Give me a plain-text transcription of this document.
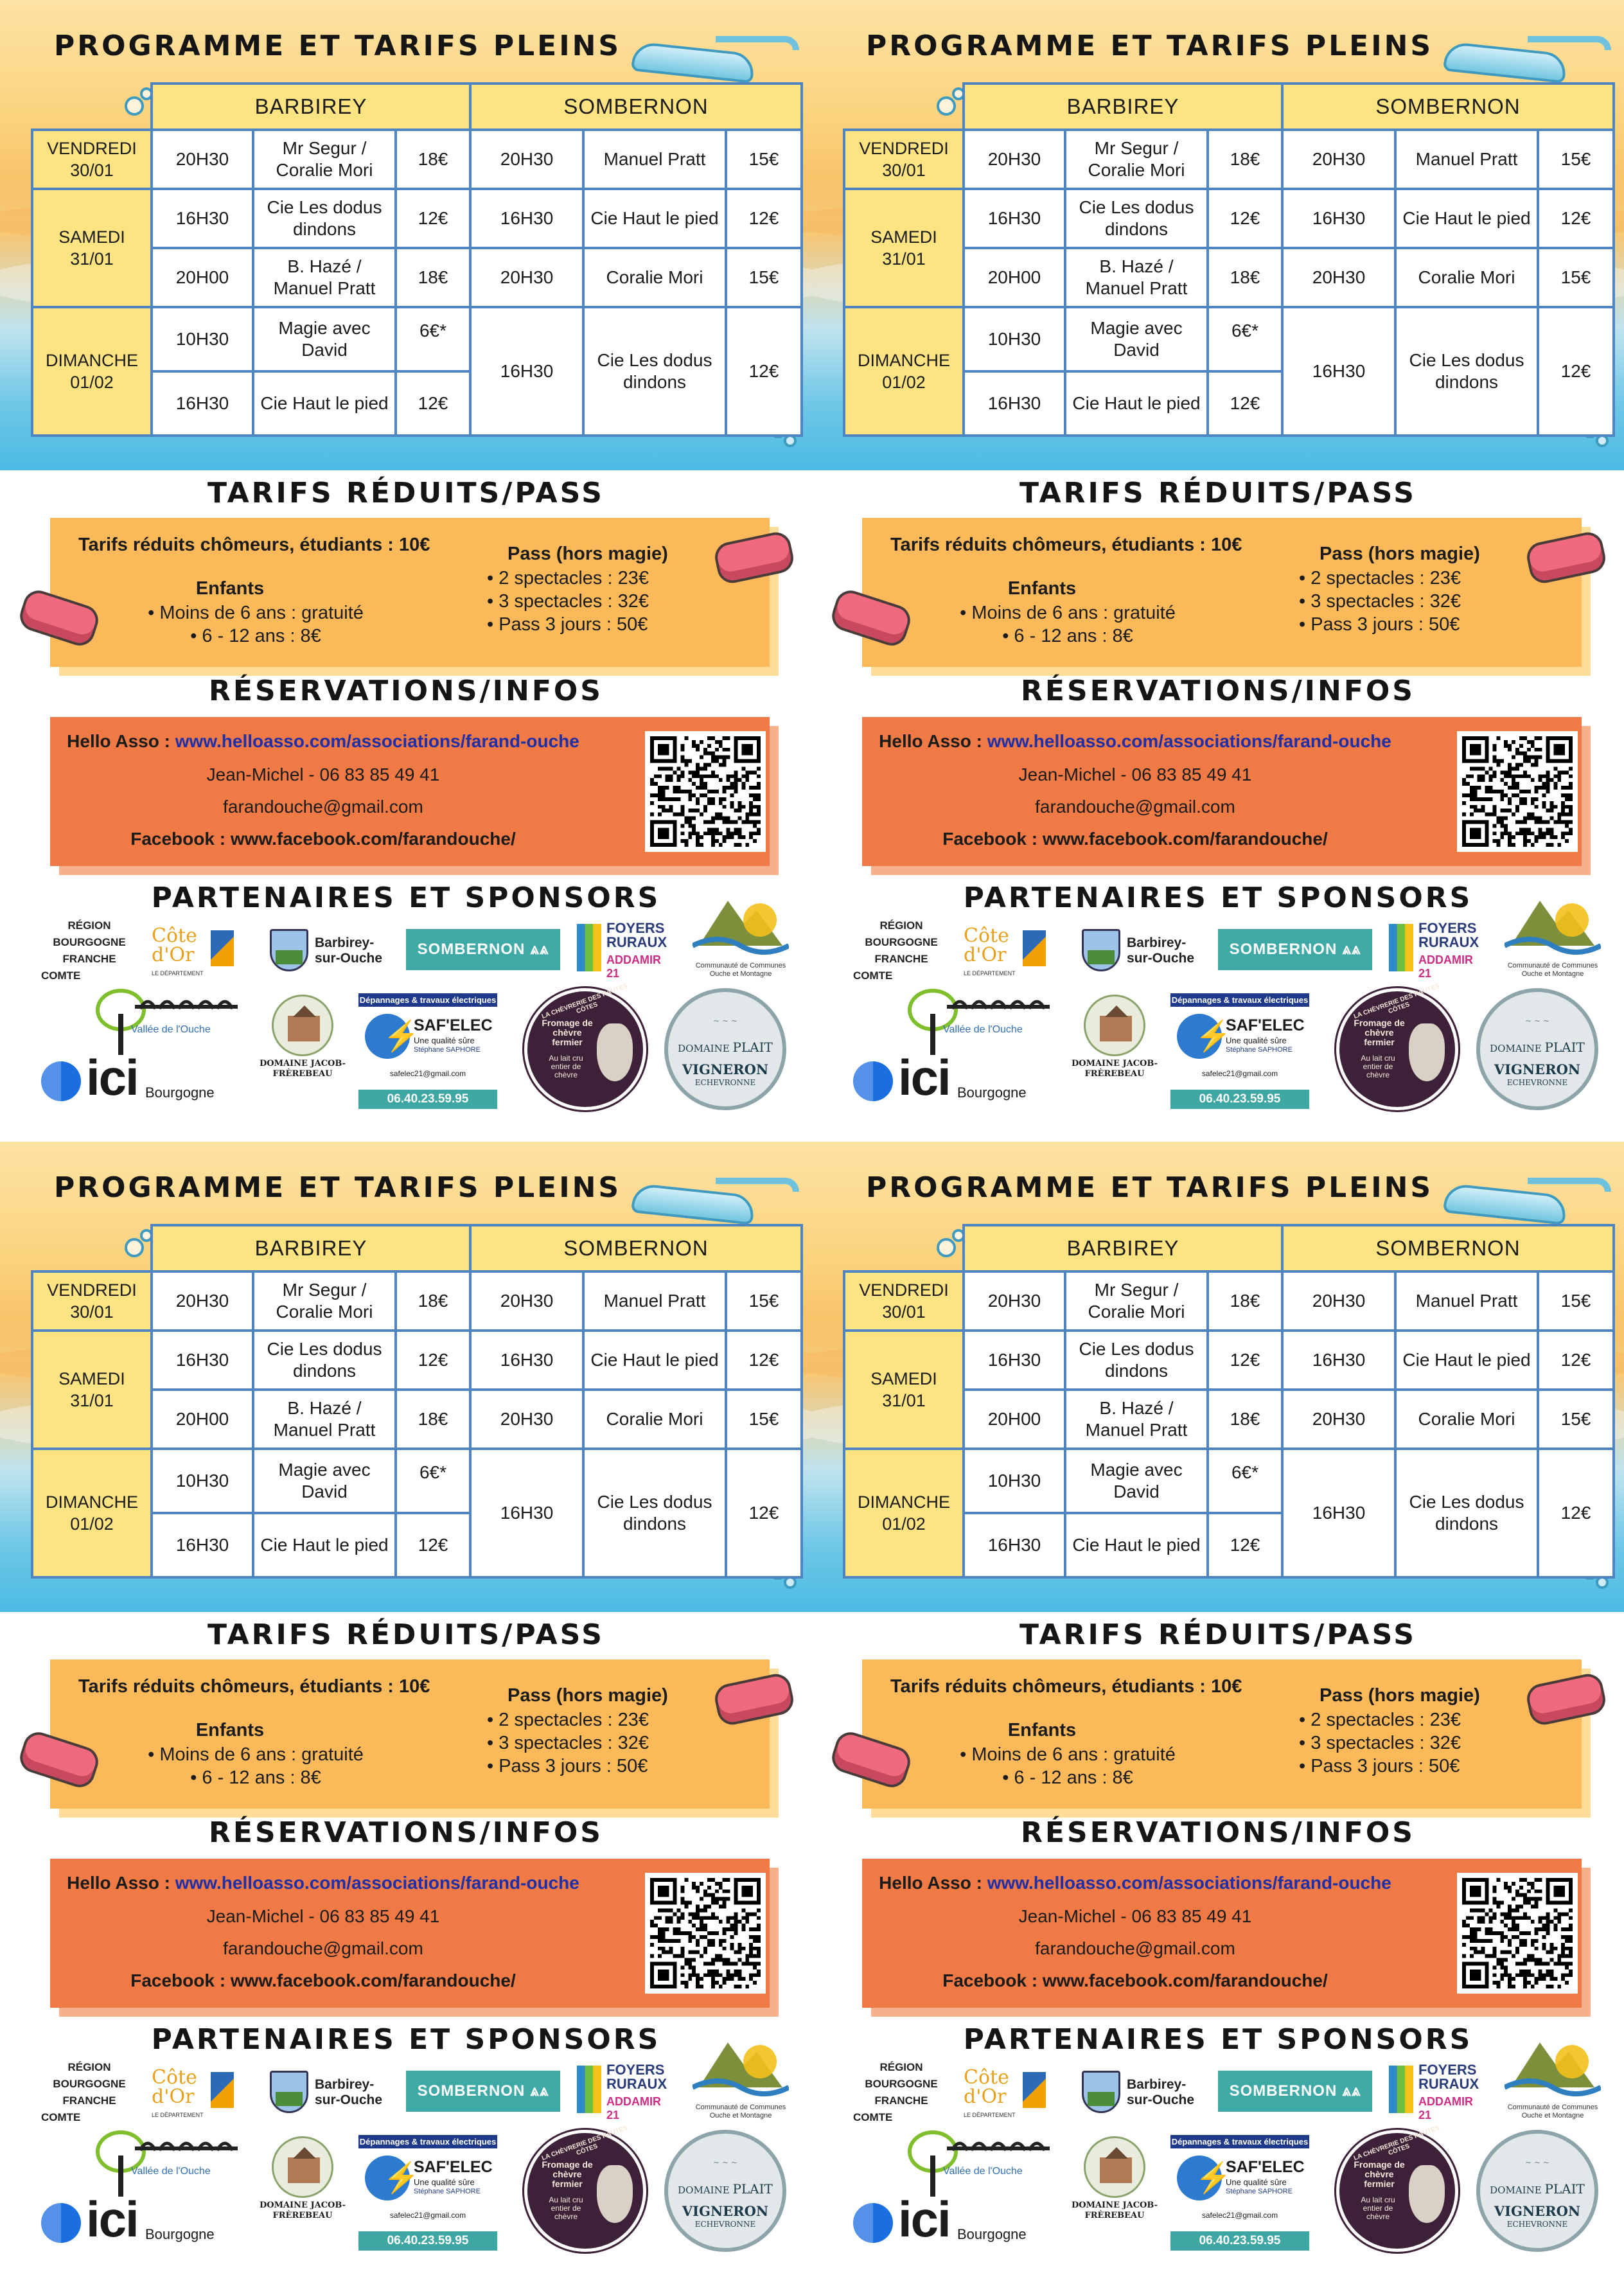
PROGRAMME ET TARIFS PLEINS
	BARBIREY			SOMBERNON		
VENDREDI 30/01	20H30	Mr Segur / Coralie Mori	18€	20H30	Manuel Pratt	15€
SAMEDI 31/01	16H30	Cie Les dodus dindons	12€	16H30	Cie Haut le pied	12€
	20H00	B. Hazé / Manuel Pratt	18€	20H30	Coralie Mori	15€
DIMANCHE 01/02	10H30	Magie avec David	6€*	16H30	Cie Les dodus dindons	12€
	16H30	Cie Haut le pied	12€			
TARIFS RÉDUITS/PASS
Tarifs réduits chômeurs, étudiants : 10€
Enfants
• Moins de 6 ans : gratuité
• 6 - 12 ans : 8€
Pass (hors magie)
• 2 spectacles : 23€
• 3 spectacles : 32€
• Pass 3 jours : 50€
RÉSERVATIONS/INFOS
Hello Asso : www.helloasso.com/associations/farand-ouche
Jean-Michel - 06 83 85 49 41
farandouche@gmail.com
Facebook : www.facebook.com/farandouche/
PARTENAIRES ET SPONSORS
RÉGION
BOURGOGNE
FRANCHE
COMTE
Côte d'Or
LE DÉPARTEMENT
Barbirey-sur-Ouche
SOMBERNON ⩓⩓
FOYERS
RURAUX
ADDAMIR 21
Communauté de Communes Ouche et Montagne
Vallée de l'Ouche
DOMAINE JACOB-FRÈREBEAU
Dépannages & travaux électriques
⚡
SAF'ELEC
Une qualité sûre
Stéphane SAPHORE
safelec21@gmail.com
06.40.23.59.95
LA CHÈVRERIE DES HAUTES CÔTES
Fromage de chèvre fermier
Au lait cru entier de chèvre
~ ~ ~
DOMAINE PLAIT
VIGNERON
ECHEVRONNE
ici Bourgogne
PROGRAMME ET TARIFS PLEINS
	BARBIREY			SOMBERNON		
VENDREDI 30/01	20H30	Mr Segur / Coralie Mori	18€	20H30	Manuel Pratt	15€
SAMEDI 31/01	16H30	Cie Les dodus dindons	12€	16H30	Cie Haut le pied	12€
	20H00	B. Hazé / Manuel Pratt	18€	20H30	Coralie Mori	15€
DIMANCHE 01/02	10H30	Magie avec David	6€*	16H30	Cie Les dodus dindons	12€
	16H30	Cie Haut le pied	12€			
TARIFS RÉDUITS/PASS
Tarifs réduits chômeurs, étudiants : 10€
Enfants
• Moins de 6 ans : gratuité
• 6 - 12 ans : 8€
Pass (hors magie)
• 2 spectacles : 23€
• 3 spectacles : 32€
• Pass 3 jours : 50€
RÉSERVATIONS/INFOS
Hello Asso : www.helloasso.com/associations/farand-ouche
Jean-Michel - 06 83 85 49 41
farandouche@gmail.com
Facebook : www.facebook.com/farandouche/
PARTENAIRES ET SPONSORS
RÉGION
BOURGOGNE
FRANCHE
COMTE
Côte d'Or
LE DÉPARTEMENT
Barbirey-sur-Ouche
SOMBERNON ⩓⩓
FOYERS
RURAUX
ADDAMIR 21
Communauté de Communes Ouche et Montagne
Vallée de l'Ouche
DOMAINE JACOB-FRÈREBEAU
Dépannages & travaux électriques
⚡
SAF'ELEC
Une qualité sûre
Stéphane SAPHORE
safelec21@gmail.com
06.40.23.59.95
LA CHÈVRERIE DES HAUTES CÔTES
Fromage de chèvre fermier
Au lait cru entier de chèvre
~ ~ ~
DOMAINE PLAIT
VIGNERON
ECHEVRONNE
ici Bourgogne
PROGRAMME ET TARIFS PLEINS
	BARBIREY			SOMBERNON		
VENDREDI 30/01	20H30	Mr Segur / Coralie Mori	18€	20H30	Manuel Pratt	15€
SAMEDI 31/01	16H30	Cie Les dodus dindons	12€	16H30	Cie Haut le pied	12€
	20H00	B. Hazé / Manuel Pratt	18€	20H30	Coralie Mori	15€
DIMANCHE 01/02	10H30	Magie avec David	6€*	16H30	Cie Les dodus dindons	12€
	16H30	Cie Haut le pied	12€			
TARIFS RÉDUITS/PASS
Tarifs réduits chômeurs, étudiants : 10€
Enfants
• Moins de 6 ans : gratuité
• 6 - 12 ans : 8€
Pass (hors magie)
• 2 spectacles : 23€
• 3 spectacles : 32€
• Pass 3 jours : 50€
RÉSERVATIONS/INFOS
Hello Asso : www.helloasso.com/associations/farand-ouche
Jean-Michel - 06 83 85 49 41
farandouche@gmail.com
Facebook : www.facebook.com/farandouche/
PARTENAIRES ET SPONSORS
RÉGION
BOURGOGNE
FRANCHE
COMTE
Côte d'Or
LE DÉPARTEMENT
Barbirey-sur-Ouche
SOMBERNON ⩓⩓
FOYERS
RURAUX
ADDAMIR 21
Communauté de Communes Ouche et Montagne
Vallée de l'Ouche
DOMAINE JACOB-FRÈREBEAU
Dépannages & travaux électriques
⚡
SAF'ELEC
Une qualité sûre
Stéphane SAPHORE
safelec21@gmail.com
06.40.23.59.95
LA CHÈVRERIE DES HAUTES CÔTES
Fromage de chèvre fermier
Au lait cru entier de chèvre
~ ~ ~
DOMAINE PLAIT
VIGNERON
ECHEVRONNE
ici Bourgogne
PROGRAMME ET TARIFS PLEINS
	BARBIREY			SOMBERNON		
VENDREDI 30/01	20H30	Mr Segur / Coralie Mori	18€	20H30	Manuel Pratt	15€
SAMEDI 31/01	16H30	Cie Les dodus dindons	12€	16H30	Cie Haut le pied	12€
	20H00	B. Hazé / Manuel Pratt	18€	20H30	Coralie Mori	15€
DIMANCHE 01/02	10H30	Magie avec David	6€*	16H30	Cie Les dodus dindons	12€
	16H30	Cie Haut le pied	12€			
TARIFS RÉDUITS/PASS
Tarifs réduits chômeurs, étudiants : 10€
Enfants
• Moins de 6 ans : gratuité
• 6 - 12 ans : 8€
Pass (hors magie)
• 2 spectacles : 23€
• 3 spectacles : 32€
• Pass 3 jours : 50€
RÉSERVATIONS/INFOS
Hello Asso : www.helloasso.com/associations/farand-ouche
Jean-Michel - 06 83 85 49 41
farandouche@gmail.com
Facebook : www.facebook.com/farandouche/
PARTENAIRES ET SPONSORS
RÉGION
BOURGOGNE
FRANCHE
COMTE
Côte d'Or
LE DÉPARTEMENT
Barbirey-sur-Ouche
SOMBERNON ⩓⩓
FOYERS
RURAUX
ADDAMIR 21
Communauté de Communes Ouche et Montagne
Vallée de l'Ouche
DOMAINE JACOB-FRÈREBEAU
Dépannages & travaux électriques
⚡
SAF'ELEC
Une qualité sûre
Stéphane SAPHORE
safelec21@gmail.com
06.40.23.59.95
LA CHÈVRERIE DES HAUTES CÔTES
Fromage de chèvre fermier
Au lait cru entier de chèvre
~ ~ ~
DOMAINE PLAIT
VIGNERON
ECHEVRONNE
ici Bourgogne
